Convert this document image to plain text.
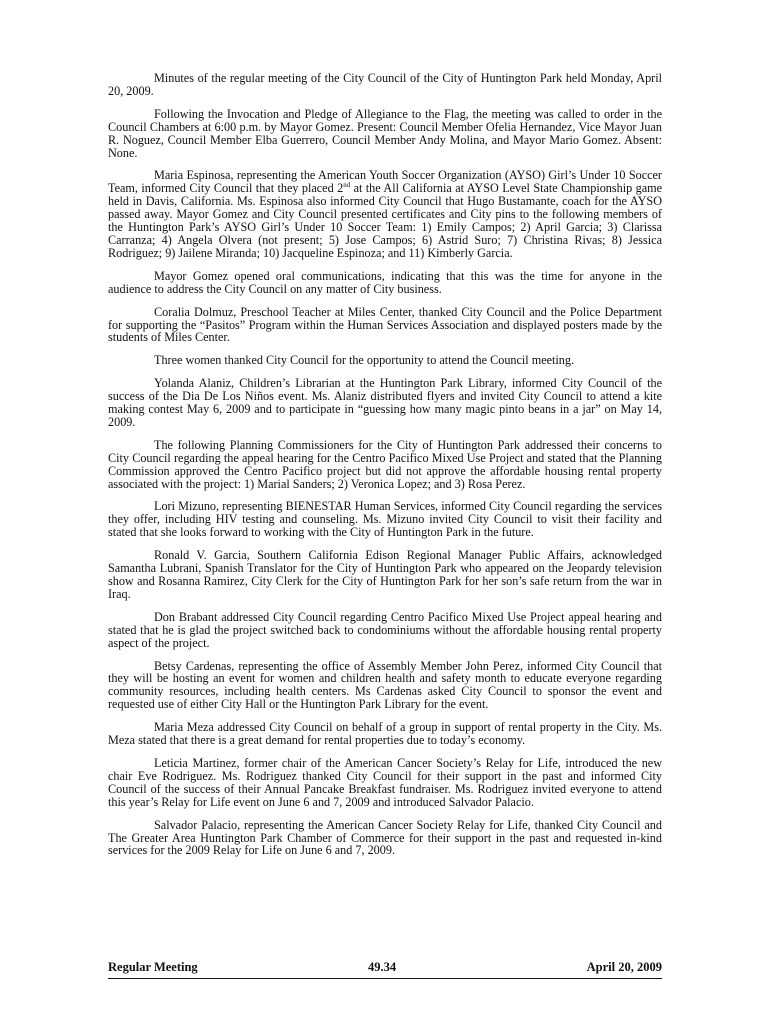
Minutes of the regular meeting of the City Council of the City of Huntington Park held Monday, April 20, 2009.

Following the Invocation and Pledge of Allegiance to the Flag, the meeting was called to order in the Council Chambers at 6:00 p.m. by Mayor Gomez. Present: Council Member Ofelia Hernandez, Vice Mayor Juan R. Noguez, Council Member Elba Guerrero, Council Member Andy Molina, and Mayor Mario Gomez. Absent: None.

Maria Espinosa, representing the American Youth Soccer Organization (AYSO) Girl’s Under 10 Soccer Team, informed City Council that they placed 2nd at the All California at AYSO Level State Championship game held in Davis, California. Ms. Espinosa also informed City Council that Hugo Bustamante, coach for the AYSO passed away. Mayor Gomez and City Council presented certificates and City pins to the following members of the Huntington Park’s AYSO Girl’s Under 10 Soccer Team: 1) Emily Campos; 2) April Garcia; 3) Clarissa Carranza; 4) Angela Olvera (not present; 5) Jose Campos; 6) Astrid Suro; 7) Christina Rivas; 8) Jessica Rodriguez; 9) Jailene Miranda; 10) Jacqueline Espinoza; and 11) Kimberly Garcia.

Mayor Gomez opened oral communications, indicating that this was the time for anyone in the audience to address the City Council on any matter of City business.

Coralia Dolmuz, Preschool Teacher at Miles Center, thanked City Council and the Police Department for supporting the “Pasitos” Program within the Human Services Association and displayed posters made by the students of Miles Center.

Three women thanked City Council for the opportunity to attend the Council meeting.

Yolanda Alaniz, Children’s Librarian at the Huntington Park Library, informed City Council of the success of the Dia De Los Niños event. Ms. Alaniz distributed flyers and invited City Council to attend a kite making contest May 6, 2009 and to participate in “guessing how many magic pinto beans in a jar” on May 14, 2009.

The following Planning Commissioners for the City of Huntington Park addressed their concerns to City Council regarding the appeal hearing for the Centro Pacifico Mixed Use Project and stated that the Planning Commission approved the Centro Pacifico project but did not approve the affordable housing rental property associated with the project: 1) Marial Sanders; 2) Veronica Lopez; and 3) Rosa Perez.

Lori Mizuno, representing BIENESTAR Human Services, informed City Council regarding the services they offer, including HIV testing and counseling. Ms. Mizuno invited City Council to visit their facility and stated that she looks forward to working with the City of Huntington Park in the future.

Ronald V. Garcia, Southern California Edison Regional Manager Public Affairs, acknowledged Samantha Lubrani, Spanish Translator for the City of Huntington Park who appeared on the Jeopardy television show and Rosanna Ramirez, City Clerk for the City of Huntington Park for her son’s safe return from the war in Iraq.

Don Brabant addressed City Council regarding Centro Pacifico Mixed Use Project appeal hearing and stated that he is glad the project switched back to condominiums without the affordable housing rental property aspect of the project.

Betsy Cardenas, representing the office of Assembly Member John Perez, informed City Council that they will be hosting an event for women and children health and safety month to educate everyone regarding community resources, including health centers. Ms Cardenas asked City Council to sponsor the event and requested use of either City Hall or the Huntington Park Library for the event.

Maria Meza addressed City Council on behalf of a group in support of rental property in the City. Ms. Meza stated that there is a great demand for rental properties due to today’s economy.

Leticia Martinez, former chair of the American Cancer Society’s Relay for Life, introduced the new chair Eve Rodriguez. Ms. Rodriguez thanked City Council for their support in the past and informed City Council of the success of their Annual Pancake Breakfast fundraiser. Ms. Rodriguez invited everyone to attend this year’s Relay for Life event on June 6 and 7, 2009 and introduced Salvador Palacio.

Salvador Palacio, representing the American Cancer Society Relay for Life, thanked City Council and The Greater Area Huntington Park Chamber of Commerce for their support in the past and requested in-kind services for the 2009 Relay for Life on June 6 and 7, 2009.

Regular Meeting	49.34	April 20, 2009
